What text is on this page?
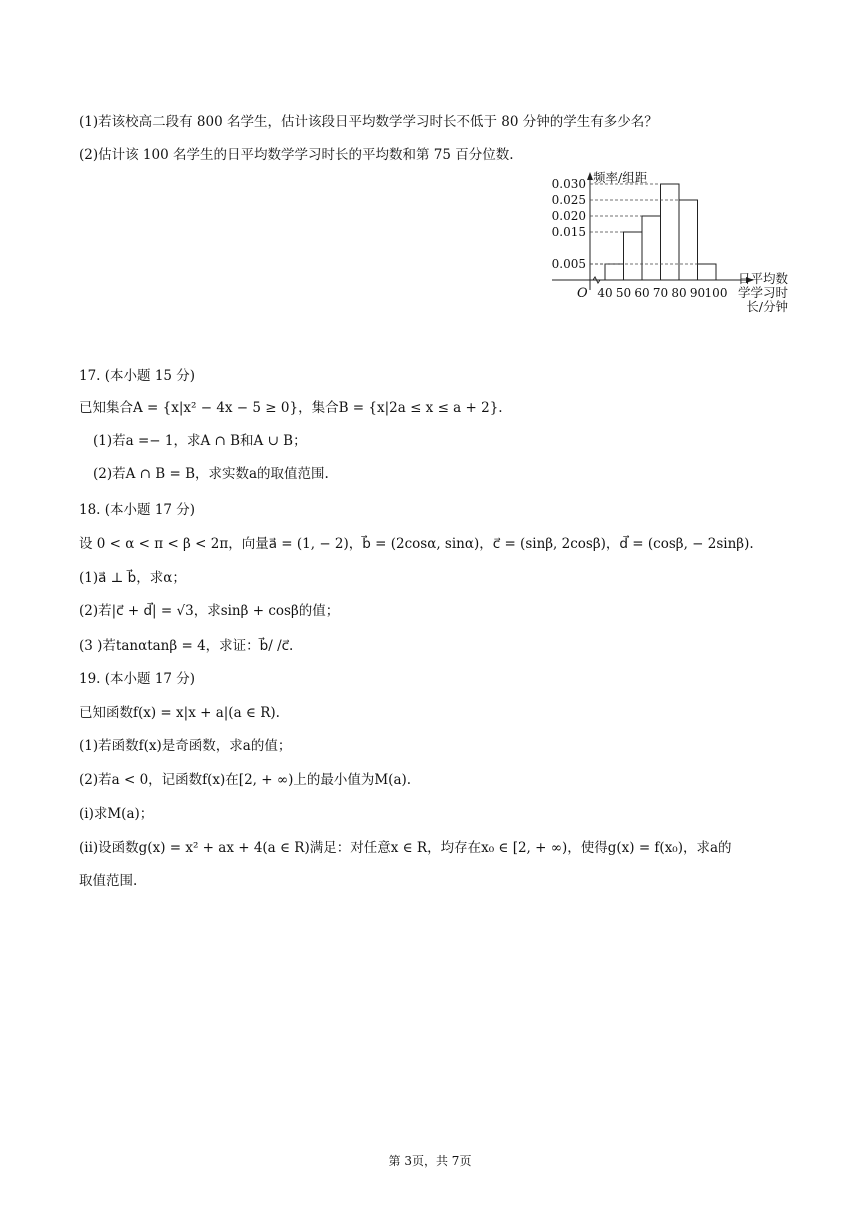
(1)若该校高二段有 800 名学生，估计该段日平均数学学习时长不低于 80 分钟的学生有多少名？
(2)估计该 100 名学生的日平均数学学习时长的平均数和第 75 百分位数.
0.005
0.015
0.020
0.025
0.030
40 50 60 70 80 90 100
O
频率/组距
日平均数
学学习时
长/分钟
17. (本小题 15 分)
已知集合A = {x|x² − 4x − 5 ≥ 0}，集合B = {x|2a ≤ x ≤ a + 2}.
(1)若a =− 1，求A ∩ B和A ∪ B；
(2)若A ∩ B = B，求实数a的取值范围.
18. (本小题 17 分)
设 0 < α < π < β < 2π，向量a⃗ = (1, − 2)，b⃗ = (2cosα, sinα)，c⃗ = (sinβ, 2cosβ)，d⃗ = (cosβ, − 2sinβ).
(1)a⃗ ⊥ b⃗，求α；
(2)若|c⃗ + d⃗| = √3，求sinβ + cosβ的值；
(3 )若tanαtanβ = 4，求证：b⃗/ /c⃗.
19. (本小题 17 分)
已知函数f(x) = x|x + a|(a ∈ R).
(1)若函数f(x)是奇函数，求a的值；
(2)若a < 0，记函数f(x)在[2, + ∞)上的最小值为M(a).
(i)求M(a)；
(ii)设函数g(x) = x² + ax + 4(a ∈ R)满足：对任意x ∈ R，均存在x₀ ∈ [2, + ∞)，使得g(x) = f(x₀)，求a的
取值范围.
第 3页，共 7页
